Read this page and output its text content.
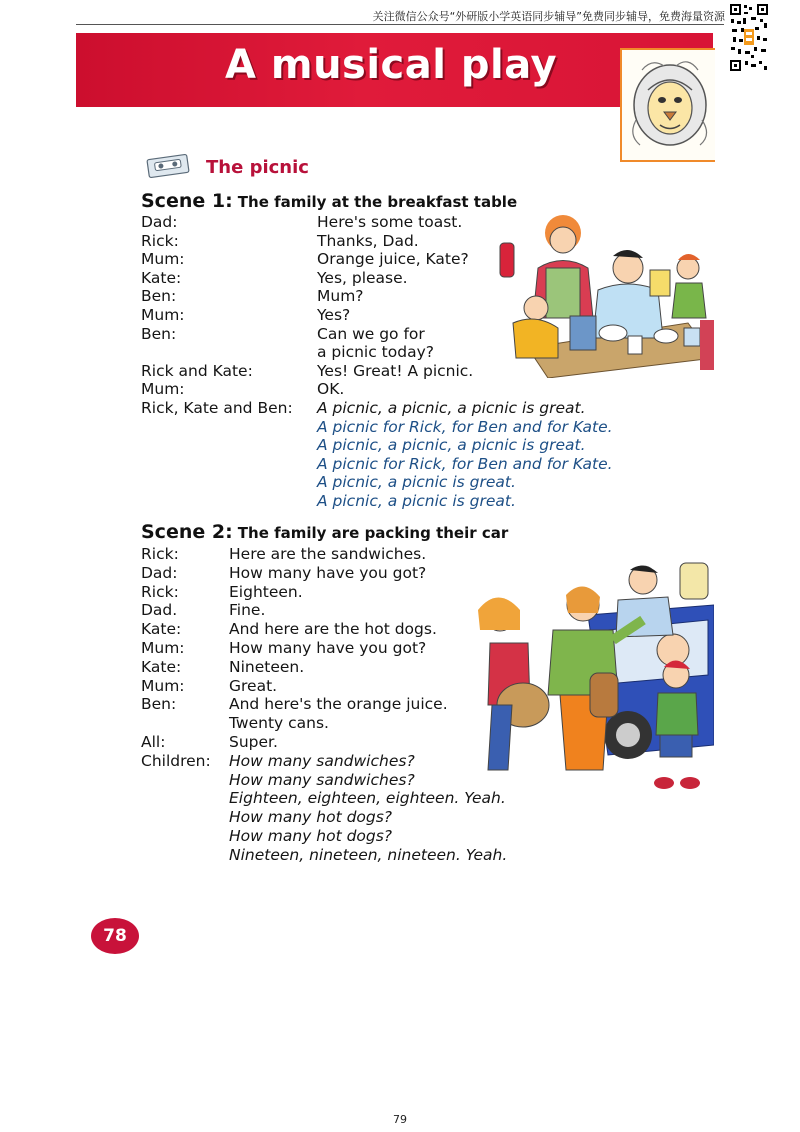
关注微信公众号“外研版小学英语同步辅导”免费同步辅导，免费海量资源
A musical play
The picnic
Scene 1: The family at the breakfast table
Dad:	Here's some toast.
Rick:	Thanks, Dad.
Mum:	Orange juice, Kate?
Kate:	Yes, please.
Ben:	Mum?
Mum:	Yes?
Ben:	Can we go for
a picnic today?
Rick and Kate:	Yes! Great! A picnic.
Mum:	OK.
Rick, Kate and Ben: A picnic, a picnic, a picnic is great.
A picnic for Rick, for Ben and for Kate.
A picnic, a picnic, a picnic is great.
A picnic for Rick, for Ben and for Kate.
A picnic, a picnic is great.
A picnic, a picnic is great.
Scene 2: The family are packing their car
Rick:	Here are the sandwiches.
Dad:	How many have you got?
Rick:	Eighteen.
Dad.	Fine.
Kate:	And here are the hot dogs.
Mum:	How many have you got?
Kate:	Nineteen.
Mum:	Great.
Ben:	And here's the orange juice.
Twenty cans.
All:	Super.
Children: How many sandwiches?
How many sandwiches?
Eighteen, eighteen, eighteen. Yeah.
How many hot dogs?
How many hot dogs?
Nineteen, nineteen, nineteen. Yeah.
78
79
